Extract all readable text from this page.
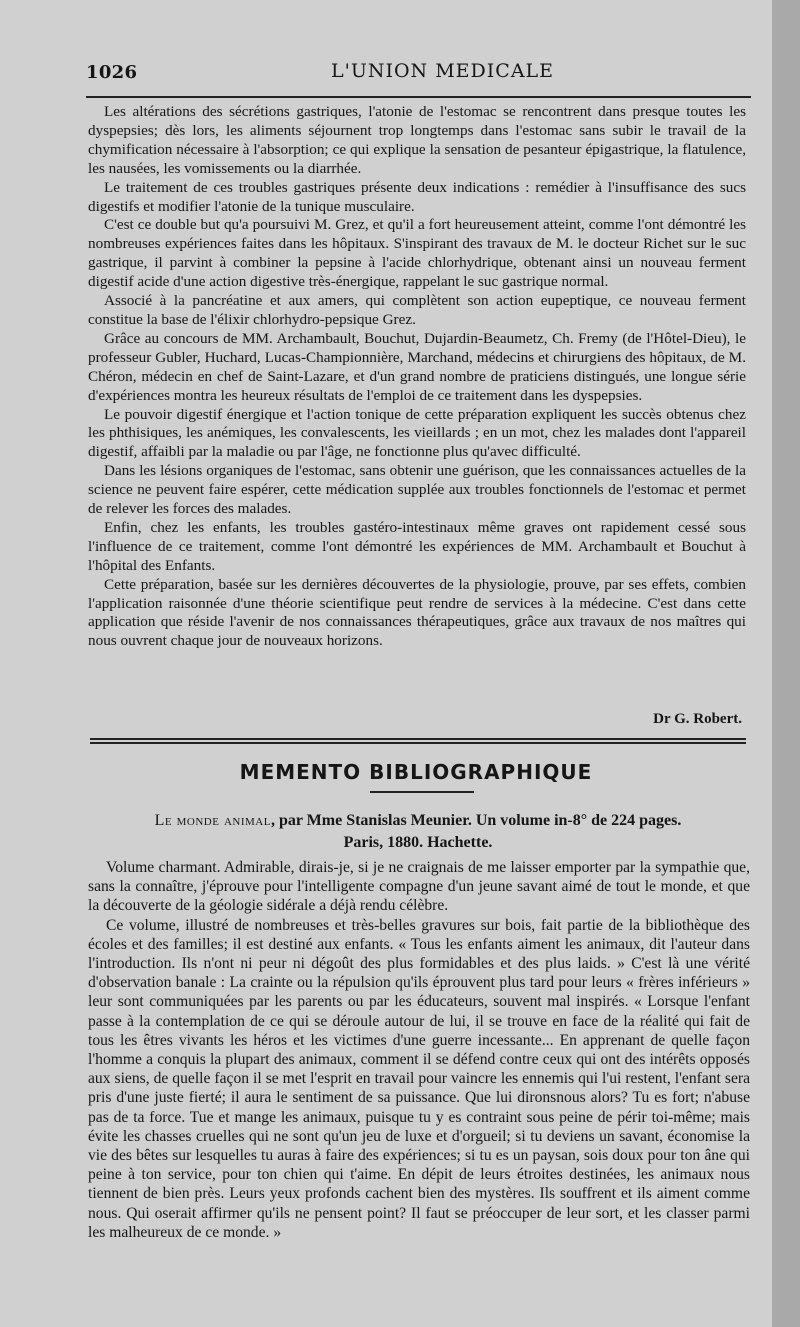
1026	L'UNION MEDICALE

Les altérations des sécrétions gastriques, l'atonie de l'estomac se rencontrent dans presque toutes les dyspepsies; dès lors, les aliments séjournent trop longtemps dans l'estomac sans subir le travail de la chymification nécessaire à l'absorption; ce qui explique la sensation de pesanteur épigastrique, la flatulence, les nausées, les vomissements ou la diarrhée.

Le traitement de ces troubles gastriques présente deux indications : remédier à l'insuffisance des sucs digestifs et modifier l'atonie de la tunique musculaire.

C'est ce double but qu'a poursuivi M. Grez, et qu'il a fort heureusement atteint, comme l'ont démontré les nombreuses expériences faites dans les hôpitaux. S'inspirant des travaux de M. le docteur Richet sur le suc gastrique, il parvint à combiner la pepsine à l'acide chlorhydrique, obtenant ainsi un nouveau ferment digestif acide d'une action digestive très-énergique, rappelant le suc gastrique normal.

Associé à la pancréatine et aux amers, qui complètent son action eupeptique, ce nouveau ferment constitue la base de l'élixir chlorhydro-pepsique Grez.

Grâce au concours de MM. Archambault, Bouchut, Dujardin-Beaumetz, Ch. Fremy (de l'Hôtel-Dieu), le professeur Gubler, Huchard, Lucas-Championnière, Marchand, médecins et chirurgiens des hôpitaux, de M. Chéron, médecin en chef de Saint-Lazare, et d'un grand nombre de praticiens distingués, une longue série d'expériences montra les heureux résultats de l'emploi de ce traitement dans les dyspepsies.

Le pouvoir digestif énergique et l'action tonique de cette préparation expliquent les succès obtenus chez les phthisiques, les anémiques, les convalescents, les vieillards ; en un mot, chez les malades dont l'appareil digestif, affaibli par la maladie ou par l'âge, ne fonctionne plus qu'avec difficulté.

Dans les lésions organiques de l'estomac, sans obtenir une guérison, que les connaissances actuelles de la science ne peuvent faire espérer, cette médication supplée aux troubles fonctionnels de l'estomac et permet de relever les forces des malades.

Enfin, chez les enfants, les troubles gastéro-intestinaux même graves ont rapidement cessé sous l'influence de ce traitement, comme l'ont démontré les expériences de MM. Archambault et Bouchut à l'hôpital des Enfants.

Cette préparation, basée sur les dernières découvertes de la physiologie, prouve, par ses effets, combien l'application raisonnée d'une théorie scientifique peut rendre de services à la médecine. C'est dans cette application que réside l'avenir de nos connaissances thérapeutiques, grâce aux travaux de nos maîtres qui nous ouvrent chaque jour de nouveaux horizons.

Dr G. Robert.
MEMENTO BIBLIOGRAPHIQUE
Le monde animal, par Mme Stanislas Meunier. Un volume in-8° de 224 pages.
Paris, 1880. Hachette.

Volume charmant. Admirable, dirais-je, si je ne craignais de me laisser emporter par la sympathie que, sans la connaître, j'éprouve pour l'intelligente compagne d'un jeune savant aimé de tout le monde, et que la découverte de la géologie sidérale a déjà rendu célèbre.

Ce volume, illustré de nombreuses et très-belles gravures sur bois, fait partie de la bibliothèque des écoles et des familles; il est destiné aux enfants. « Tous les enfants aiment les animaux, dit l'auteur dans l'introduction. Ils n'ont ni peur ni dégoût des plus formidables et des plus laids. » C'est là une vérité d'observation banale : La crainte ou la répulsion qu'ils éprouvent plus tard pour leurs « frères inférieurs » leur sont communiquées par les parents ou par les éducateurs, souvent mal inspirés. « Lorsque l'enfant passe à la contemplation de ce qui se déroule autour de lui, il se trouve en face de la réalité qui fait de tous les êtres vivants les héros et les victimes d'une guerre incessante... En apprenant de quelle façon l'homme a conquis la plupart des animaux, comment il se défend contre ceux qui ont des intérêts opposés aux siens, de quelle façon il se met l'esprit en travail pour vaincre les ennemis qui l'ui restent, l'enfant sera pris d'une juste fierté; il aura le sentiment de sa puissance. Que lui dironsnous alors? Tu es fort; n'abuse pas de ta force. Tue et mange les animaux, puisque tu y es contraint sous peine de périr toi-même; mais évite les chasses cruelles qui ne sont qu'un jeu de luxe et d'orgueil; si tu deviens un savant, économise la vie des bêtes sur lesquelles tu auras à faire des expériences; si tu es un paysan, sois doux pour ton âne qui peine à ton service, pour ton chien qui t'aime. En dépit de leurs étroites destinées, les animaux nous tiennent de bien près. Leurs yeux profonds cachent bien des mystères. Ils souffrent et ils aiment comme nous. Qui oserait affirmer qu'ils ne pensent point? Il faut se préoccuper de leur sort, et les classer parmi les malheureux de ce monde. »
